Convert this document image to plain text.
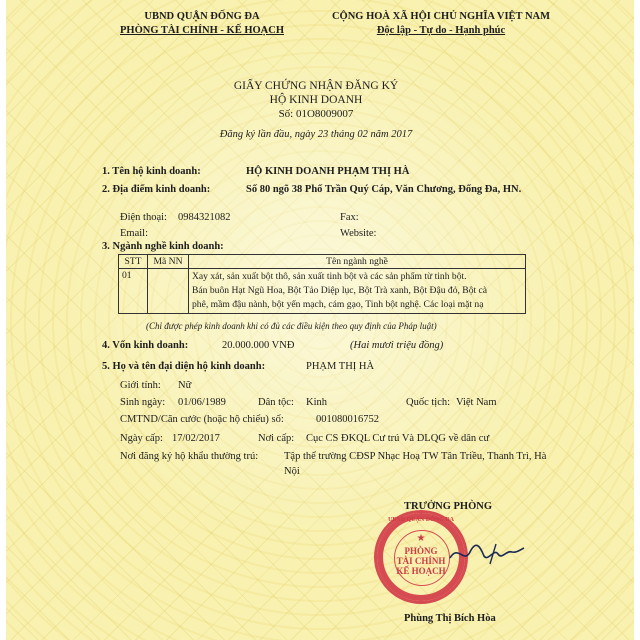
UBND QUẬN ĐỐNG ĐA
PHÒNG TÀI CHÍNH - KẾ HOẠCH
CỘNG HOÀ XÃ HỘI CHỦ NGHĨA VIỆT NAM
Độc lập - Tự do - Hạnh phúc
GIẤY CHỨNG NHẬN ĐĂNG KÝ
HỘ KINH DOANH
Số: 01O8009007
Đăng ký lần đầu, ngày 23 tháng 02 năm 2017
1. Tên hộ kinh doanh:	HỘ KINH DOANH PHẠM THỊ HÀ
2. Địa điểm kinh doanh:	Số 80 ngõ 38 Phố Trần Quý Cáp, Văn Chương, Đống Đa, HN.
Điện thoại: 0984321082	Fax:
Email:	Website:
3. Ngành nghề kinh doanh:
STT	Mã NN	Tên ngành nghề
01		Xay xát, sản xuất bột thô, sản xuất tinh bột và các sản phẩm từ tinh bột.
Bán buôn Hạt Ngũ Hoa, Bột Tảo Diệp lục, Bột Trà xanh, Bột Đậu đỏ, Bột cà
phê, mầm đậu nành, bột yến mạch, cám gạo, Tinh bột nghệ. Các loại mặt nạ
(Chỉ được phép kinh doanh khi có đủ các điều kiện theo quy định của Pháp luật)
4. Vốn kinh doanh:	20.000.000 VNĐ	(Hai mươi triệu đồng)
5. Họ và tên đại diện hộ kinh doanh:	PHẠM THỊ HÀ
Giới tính: Nữ
Sinh ngày: 01/06/1989	Dân tộc: Kinh	Quốc tịch: Việt Nam
CMTND/Căn cước (hoặc hộ chiếu) số:	001080016752
Ngày cấp: 17/02/2017	Nơi cấp: Cục CS ĐKQL Cư trú Và DLQG về dân cư
Nơi đăng ký hộ khẩu thường trú: Tập thể trường CĐSP Nhạc Hoạ TW Tân Triều, Thanh Trì, Hà
Nội
TRƯỞNG PHÒNG
UBND QUẬN ĐỐNG ĐA
★
PHÒNG
TÀI CHÍNH
KẾ HOẠCH
Phùng Thị Bích Hòa
